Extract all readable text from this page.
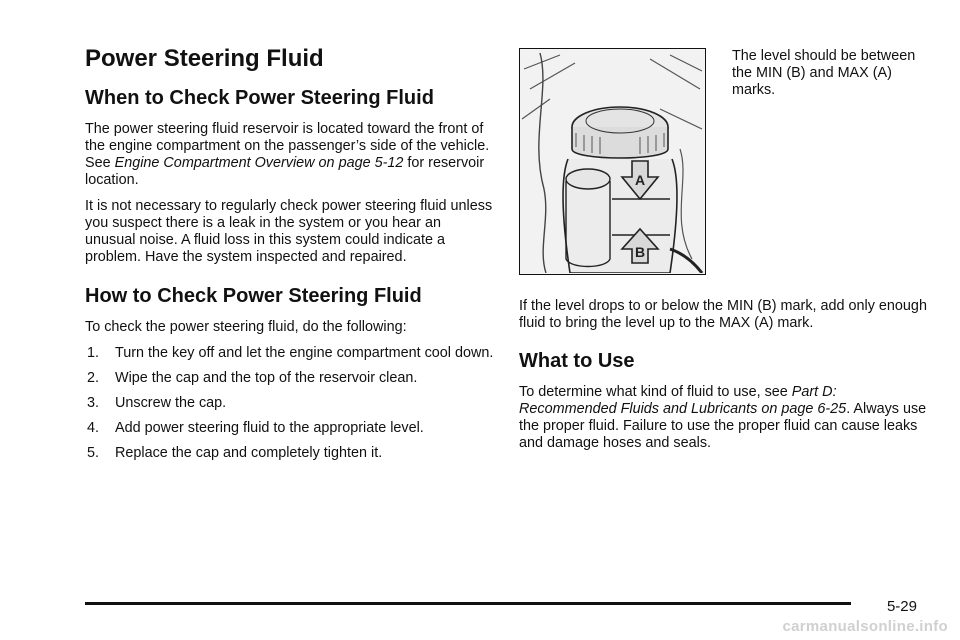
Power Steering Fluid
When to Check Power Steering Fluid

The power steering fluid reservoir is located toward the front of the engine compartment on the passenger’s side of the vehicle. See Engine Compartment Overview on page 5-12 for reservoir location.

It is not necessary to regularly check power steering fluid unless you suspect there is a leak in the system or you hear an unusual noise. A fluid loss in this system could indicate a problem. Have the system inspected and repaired.

How to Check Power Steering Fluid

To check the power steering fluid, do the following:

1. Turn the key off and let the engine compartment cool down.
2. Wipe the cap and the top of the reservoir clean.
3. Unscrew the cap.
4. Add power steering fluid to the appropriate level.
5. Replace the cap and completely tighten it.
A
B

The level should be between the MIN (B) and MAX (A) marks.

If the level drops to or below the MIN (B) mark, add only enough fluid to bring the level up to the MAX (A) mark.

What to Use

To determine what kind of fluid to use, see Part D: Recommended Fluids and Lubricants on page 6-25. Always use the proper fluid. Failure to use the proper fluid can cause leaks and damage hoses and seals.

5-29
carmanualsonline.info
